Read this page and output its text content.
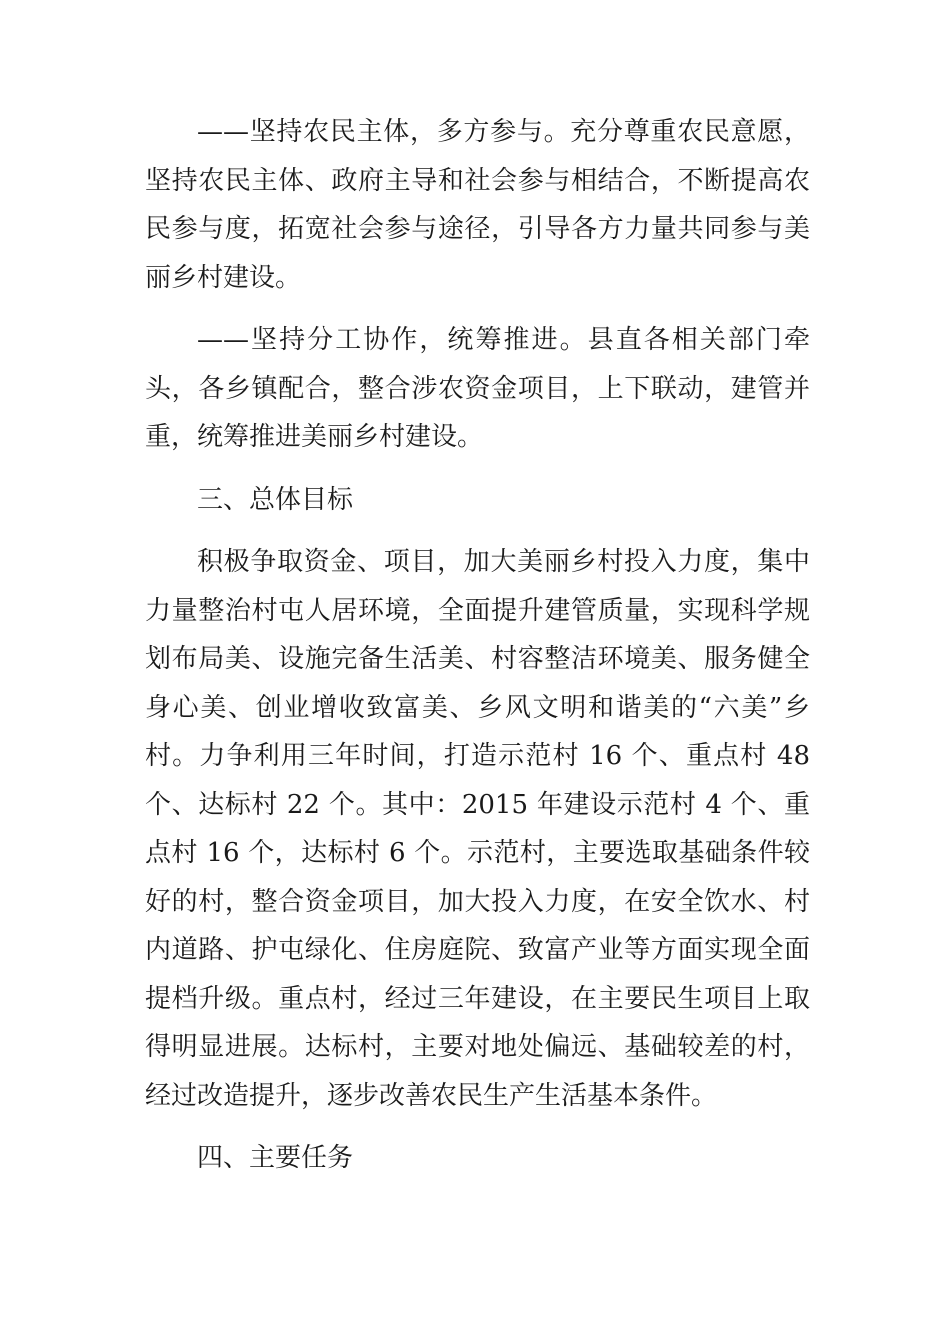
——坚持农民主体，多方参与。充分尊重农民意愿，坚持农民主体、政府主导和社会参与相结合，不断提高农民参与度，拓宽社会参与途径，引导各方力量共同参与美丽乡村建设。

——坚持分工协作，统筹推进。县直各相关部门牵头，各乡镇配合，整合涉农资金项目，上下联动，建管并重，统筹推进美丽乡村建设。

三、总体目标

积极争取资金、项目，加大美丽乡村投入力度，集中力量整治村屯人居环境，全面提升建管质量，实现科学规划布局美、设施完备生活美、村容整洁环境美、服务健全身心美、创业增收致富美、乡风文明和谐美的“六美”乡村。力争利用三年时间，打造示范村 16 个、重点村 48 个、达标村 22 个。其中：2015 年建设示范村 4 个、重点村 16 个，达标村 6 个。示范村，主要选取基础条件较好的村，整合资金项目，加大投入力度，在安全饮水、村内道路、护屯绿化、住房庭院、致富产业等方面实现全面提档升级。重点村，经过三年建设，在主要民生项目上取得明显进展。达标村，主要对地处偏远、基础较差的村，经过改造提升，逐步改善农民生产生活基本条件。

四、主要任务
